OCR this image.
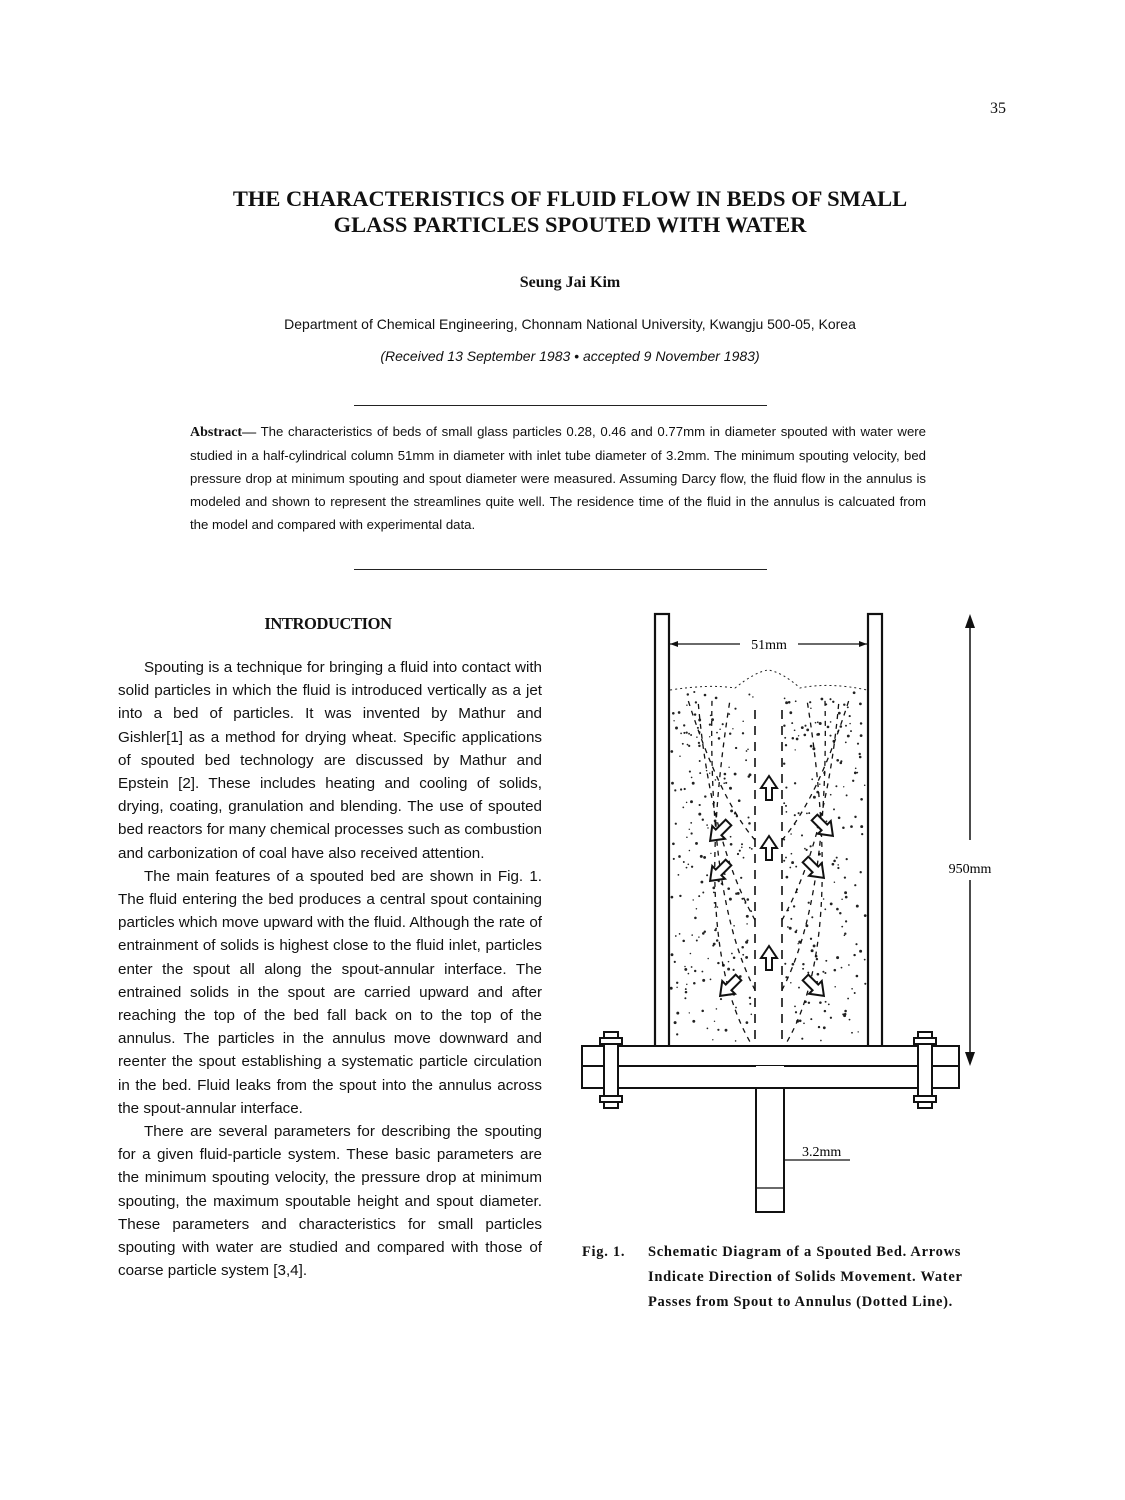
35
THE CHARACTERISTICS OF FLUID FLOW IN BEDS OF SMALL
GLASS PARTICLES SPOUTED WITH WATER
Seung Jai Kim
Department of Chemical Engineering, Chonnam National University, Kwangju 500-05, Korea
(Received 13 September 1983 • accepted 9 November 1983)

Abstract— The characteristics of beds of small glass particles 0.28, 0.46 and 0.77mm in diameter spouted with water were studied in a half-cylindrical column 51mm in diameter with inlet tube diameter of 3.2mm. The minimum spouting velocity, bed pressure drop at minimum spouting and spout diameter were measured. Assuming Darcy flow, the fluid flow in the annulus is modeled and shown to represent the streamlines quite well. The residence time of the fluid in the annulus is calcuated from the model and compared with experimental data.

INTRODUCTION

Spouting is a technique for bringing a fluid into contact with solid particles in which the fluid is introduced vertically as a jet into a bed of particles. It was invented by Mathur and Gishler[1] as a method for drying wheat. Specific applications of spouted bed technology are discussed by Mathur and Epstein [2]. These includes heating and cooling of solids, drying, coating, granulation and blending. The use of spouted bed reactors for many chemical processes such as combustion and carbonization of coal have also received attention.

The main features of a spouted bed are shown in Fig. 1. The fluid entering the bed produces a central spout containing particles which move upward with the fluid. Although the rate of entrainment of solids is highest close to the fluid inlet, particles enter the spout all along the spout-annular interface. The entrained solids in the spout are carried upward and after reaching the top of the bed fall back on to the top of the annulus. The particles in the annulus move downward and reenter the spout establishing a systematic particle circulation in the bed. Fluid leaks from the spout into the annulus across the spout-annular interface.

There are several parameters for describing the spouting for a given fluid-particle system. These basic parameters are the minimum spouting velocity, the pressure drop at minimum spouting, the maximum spoutable height and spout diameter. These parameters and characteristics for small particles spouting with water are studied and compared with those of coarse particle system [3,4].

51mm
950mm
3.2mm

Fig. 1. Schematic Diagram of a Spouted Bed. Arrows Indicate Direction of Solids Movement. Water Passes from Spout to Annulus (Dotted Line).
